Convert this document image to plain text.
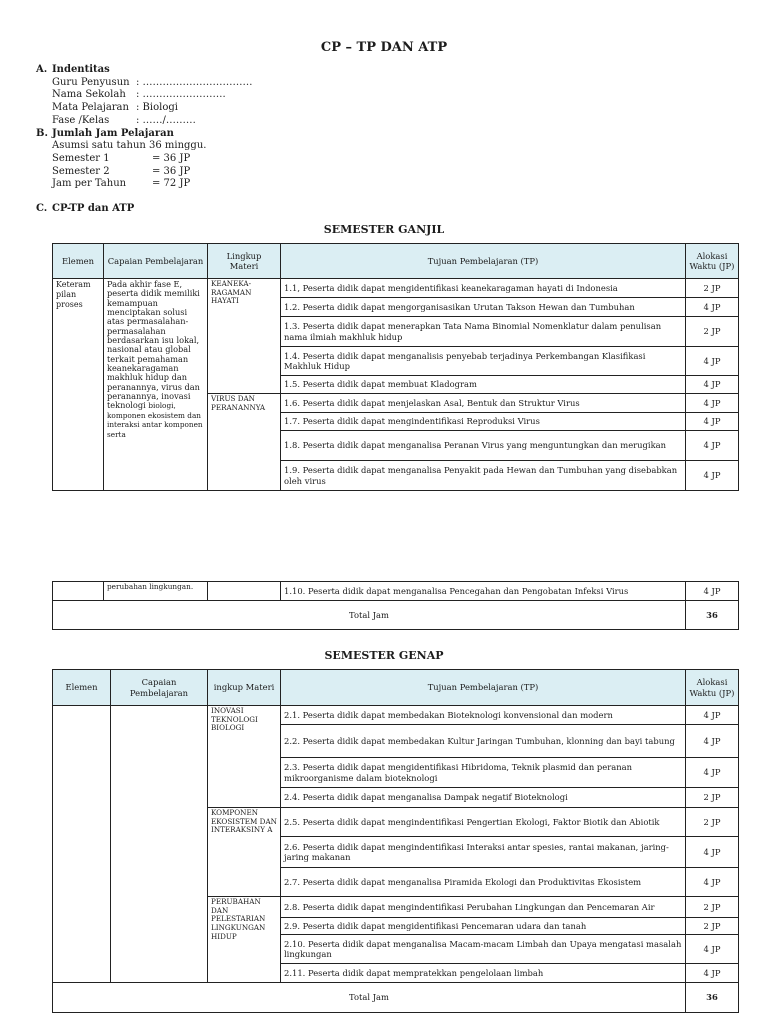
CP – TP DAN ATP
A. Indentitas
Guru Penyusun : ……………………………
Nama Sekolah : …………………….
Mata Pelajaran : Biologi
Fase /Kelas	: ……/………
B. Jumlah Jam Pelajaran
Asumsi satu tahun 36 minggu.
Semester 1	= 36 JP
Semester 2	= 36 JP
Jam per Tahun	= 72 JP
C. CP-TP dan ATP
SEMESTER GANJIL
Elemen	Capaian Pembelajaran	Lingkup Materi	Tujuan Pembelajaran (TP)	Alokasi Waktu (JP)
Keteram pilan proses	Pada akhir fase E, peserta didik memiliki kemampuan menciptakan solusi atas permasalahan-permasalahan berdasarkan isu lokal, nasional atau global terkait pemahaman keanekaragaman makhluk hidup dan peranannya, virus dan peranannya, inovasi teknologi biologi, komponen ekosistem dan interaksi antar komponen serta	KEANEKA-RAGAMAN HAYATI	1.1, Peserta didik dapat mengidentifikasi keanekaragaman hayati di Indonesia	2 JP
			1.2. Peserta didik dapat mengorganisasikan Urutan Takson Hewan dan Tumbuhan	4 JP
			1.3. Peserta didik dapat menerapkan Tata Nama Binomial Nomenklatur dalam penulisan nama ilmiah makhluk hidup	2 JP
			1.4. Peserta didik dapat menganalisis penyebab terjadinya Perkembangan Klasifikasi Makhluk Hidup	4 JP
			1.5. Peserta didik dapat membuat Kladogram	4 JP
		VIRUS DAN PERANANNYA	1.6. Peserta didik dapat menjelaskan Asal, Bentuk dan Struktur Virus	4 JP
			1.7. Peserta didik dapat mengindentifikasi Reproduksi Virus	4 JP
			1.8. Peserta didik dapat menganalisa Peranan Virus yang menguntungkan dan merugikan	4 JP
			1.9. Peserta didik dapat menganalisa Penyakit pada Hewan dan Tumbuhan yang disebabkan oleh virus	4 JP
	perubahan lingkungan.		1.10. Peserta didik dapat menganalisa Pencegahan dan Pengobatan Infeksi Virus	4 JP
Total Jam				36
SEMESTER GENAP
Elemen	Capaian Pembelajaran	ingkup Materi	Tujuan Pembelajaran (TP)	Alokasi Waktu (JP)
		INOVASI TEKNOLOGI BIOLOGI	2.1. Peserta didik dapat membedakan Bioteknologi konvensional dan modern	4 JP
			2.2. Peserta didik dapat membedakan Kultur Jaringan Tumbuhan, klonning dan bayi tabung	4 JP
			2.3. Peserta didik dapat mengidentifikasi Hibridoma, Teknik plasmid dan peranan mikroorganisme dalam bioteknologi	4 JP
			2.4. Peserta didik dapat menganalisa Dampak negatif Bioteknologi	2 JP
		KOMPONEN EKOSISTEM DAN INTERAKSINY A	2.5. Peserta didik dapat mengindentifikasi Pengertian Ekologi, Faktor Biotik dan Abiotik	2 JP
			2.6. Peserta didik dapat mengindentifikasi Interaksi antar spesies, rantai makanan, jaring-jaring makanan	4 JP
			2.7. Peserta didik dapat menganalisa Piramida Ekologi dan Produktivitas Ekosistem	4 JP
		PERUBAHAN DAN PELESTARIAN LINGKUNGAN HIDUP	2.8. Peserta didik dapat mengindentifikasi Perubahan Lingkungan dan Pencemaran Air	2 JP
			2.9. Peserta didik dapat mengidentifikasi Pencemaran udara dan tanah	2 JP
			2.10. Peserta didik dapat menganalisa Macam-macam Limbah dan Upaya mengatasi masalah lingkungan	4 JP
			2.11. Peserta didik dapat mempratekkan pengelolaan limbah	4 JP
Total Jam				36
